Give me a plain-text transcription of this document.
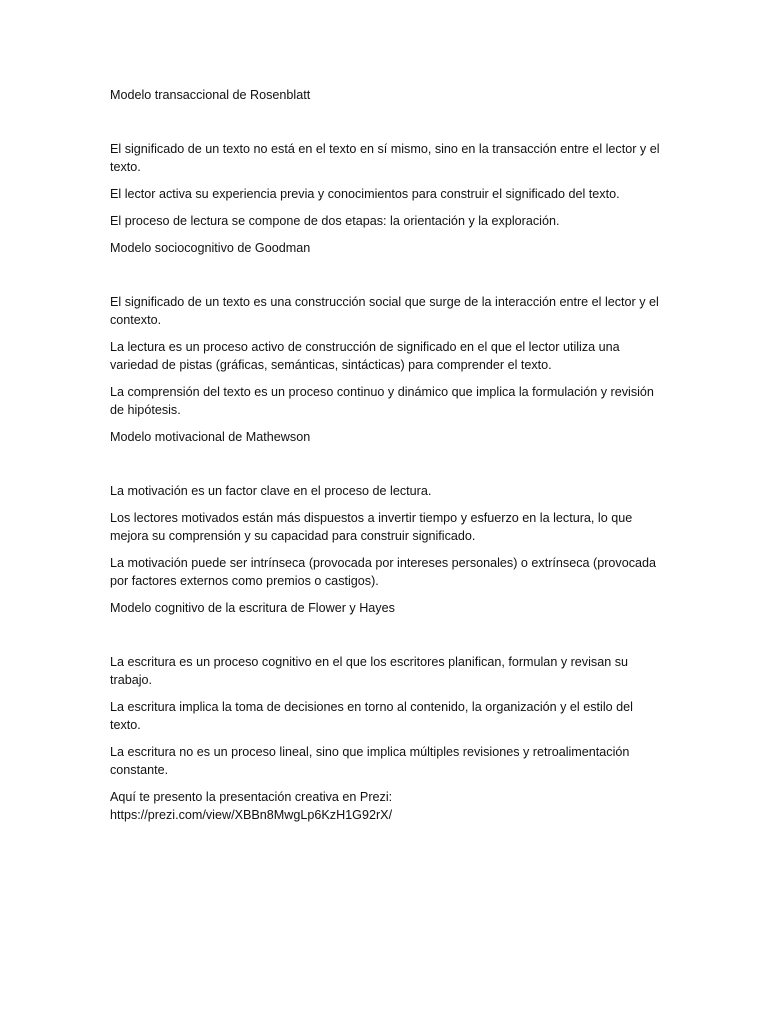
Modelo transaccional de Rosenblatt

El significado de un texto no está en el texto en sí mismo, sino en la transacción entre el lector y el texto.

El lector activa su experiencia previa y conocimientos para construir el significado del texto.

El proceso de lectura se compone de dos etapas: la orientación y la exploración.

Modelo sociocognitivo de Goodman

El significado de un texto es una construcción social que surge de la interacción entre el lector y el contexto.

La lectura es un proceso activo de construcción de significado en el que el lector utiliza una variedad de pistas (gráficas, semánticas, sintácticas) para comprender el texto.

La comprensión del texto es un proceso continuo y dinámico que implica la formulación y revisión de hipótesis.

Modelo motivacional de Mathewson

La motivación es un factor clave en el proceso de lectura.

Los lectores motivados están más dispuestos a invertir tiempo y esfuerzo en la lectura, lo que mejora su comprensión y su capacidad para construir significado.

La motivación puede ser intrínseca (provocada por intereses personales) o extrínseca (provocada por factores externos como premios o castigos).

Modelo cognitivo de la escritura de Flower y Hayes

La escritura es un proceso cognitivo en el que los escritores planifican, formulan y revisan su trabajo.

La escritura implica la toma de decisiones en torno al contenido, la organización y el estilo del texto.

La escritura no es un proceso lineal, sino que implica múltiples revisiones y retroalimentación constante.

Aquí te presento la presentación creativa en Prezi:
https://prezi.com/view/XBBn8MwgLp6KzH1G92rX/
